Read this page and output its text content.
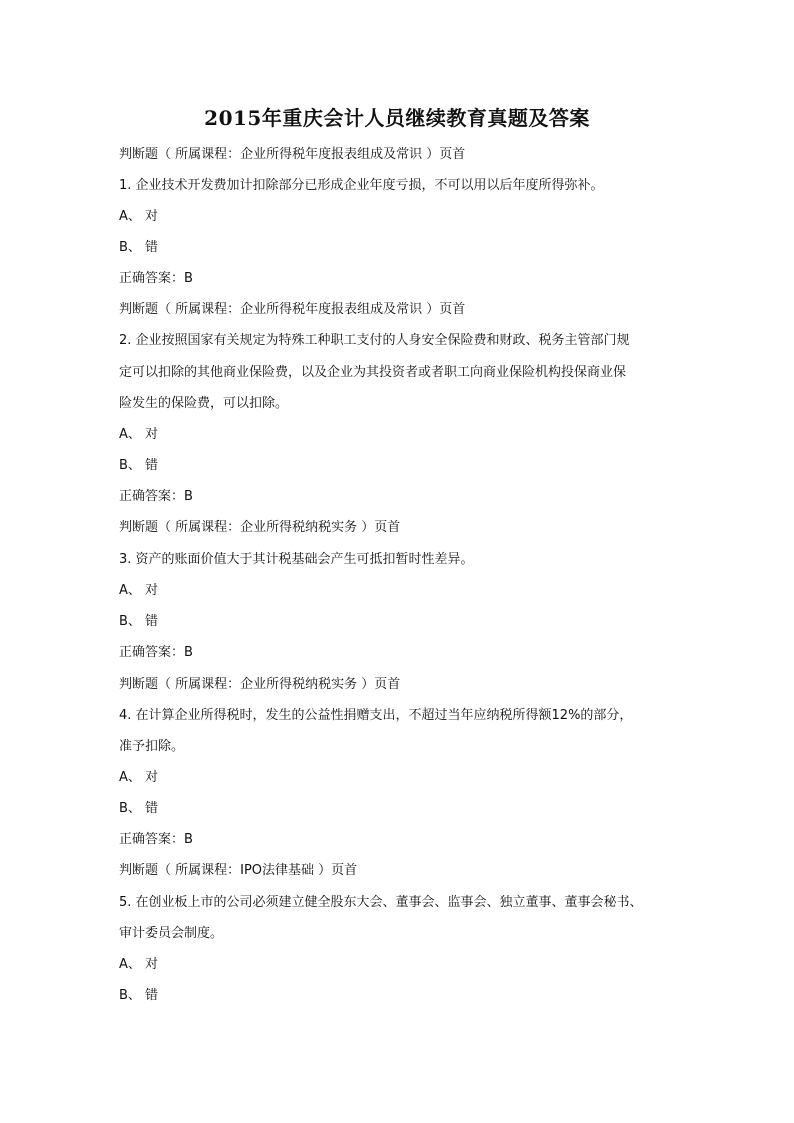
2015年重庆会计人员继续教育真题及答案
判断题（ 所属课程：企业所得税年度报表组成及常识 ）页首
1. 企业技术开发费加计扣除部分已形成企业年度亏损，不可以用以后年度所得弥补。
A、 对
B、 错
正确答案：B
判断题（ 所属课程：企业所得税年度报表组成及常识 ）页首
2. 企业按照国家有关规定为特殊工种职工支付的人身安全保险费和财政、税务主管部门规
定可以扣除的其他商业保险费，以及企业为其投资者或者职工向商业保险机构投保商业保
险发生的保险费，可以扣除。
A、 对
B、 错
正确答案：B
判断题（ 所属课程：企业所得税纳税实务 ）页首
3. 资产的账面价值大于其计税基础会产生可抵扣暂时性差异。
A、 对
B、 错
正确答案：B
判断题（ 所属课程：企业所得税纳税实务 ）页首
4. 在计算企业所得税时，发生的公益性捐赠支出，不超过当年应纳税所得额12%的部分，
准予扣除。
A、 对
B、 错
正确答案：B
判断题（ 所属课程：IPO法律基础 ）页首
5. 在创业板上市的公司必须建立健全股东大会、董事会、监事会、独立董事、董事会秘书、
审计委员会制度。
A、 对
B、 错
